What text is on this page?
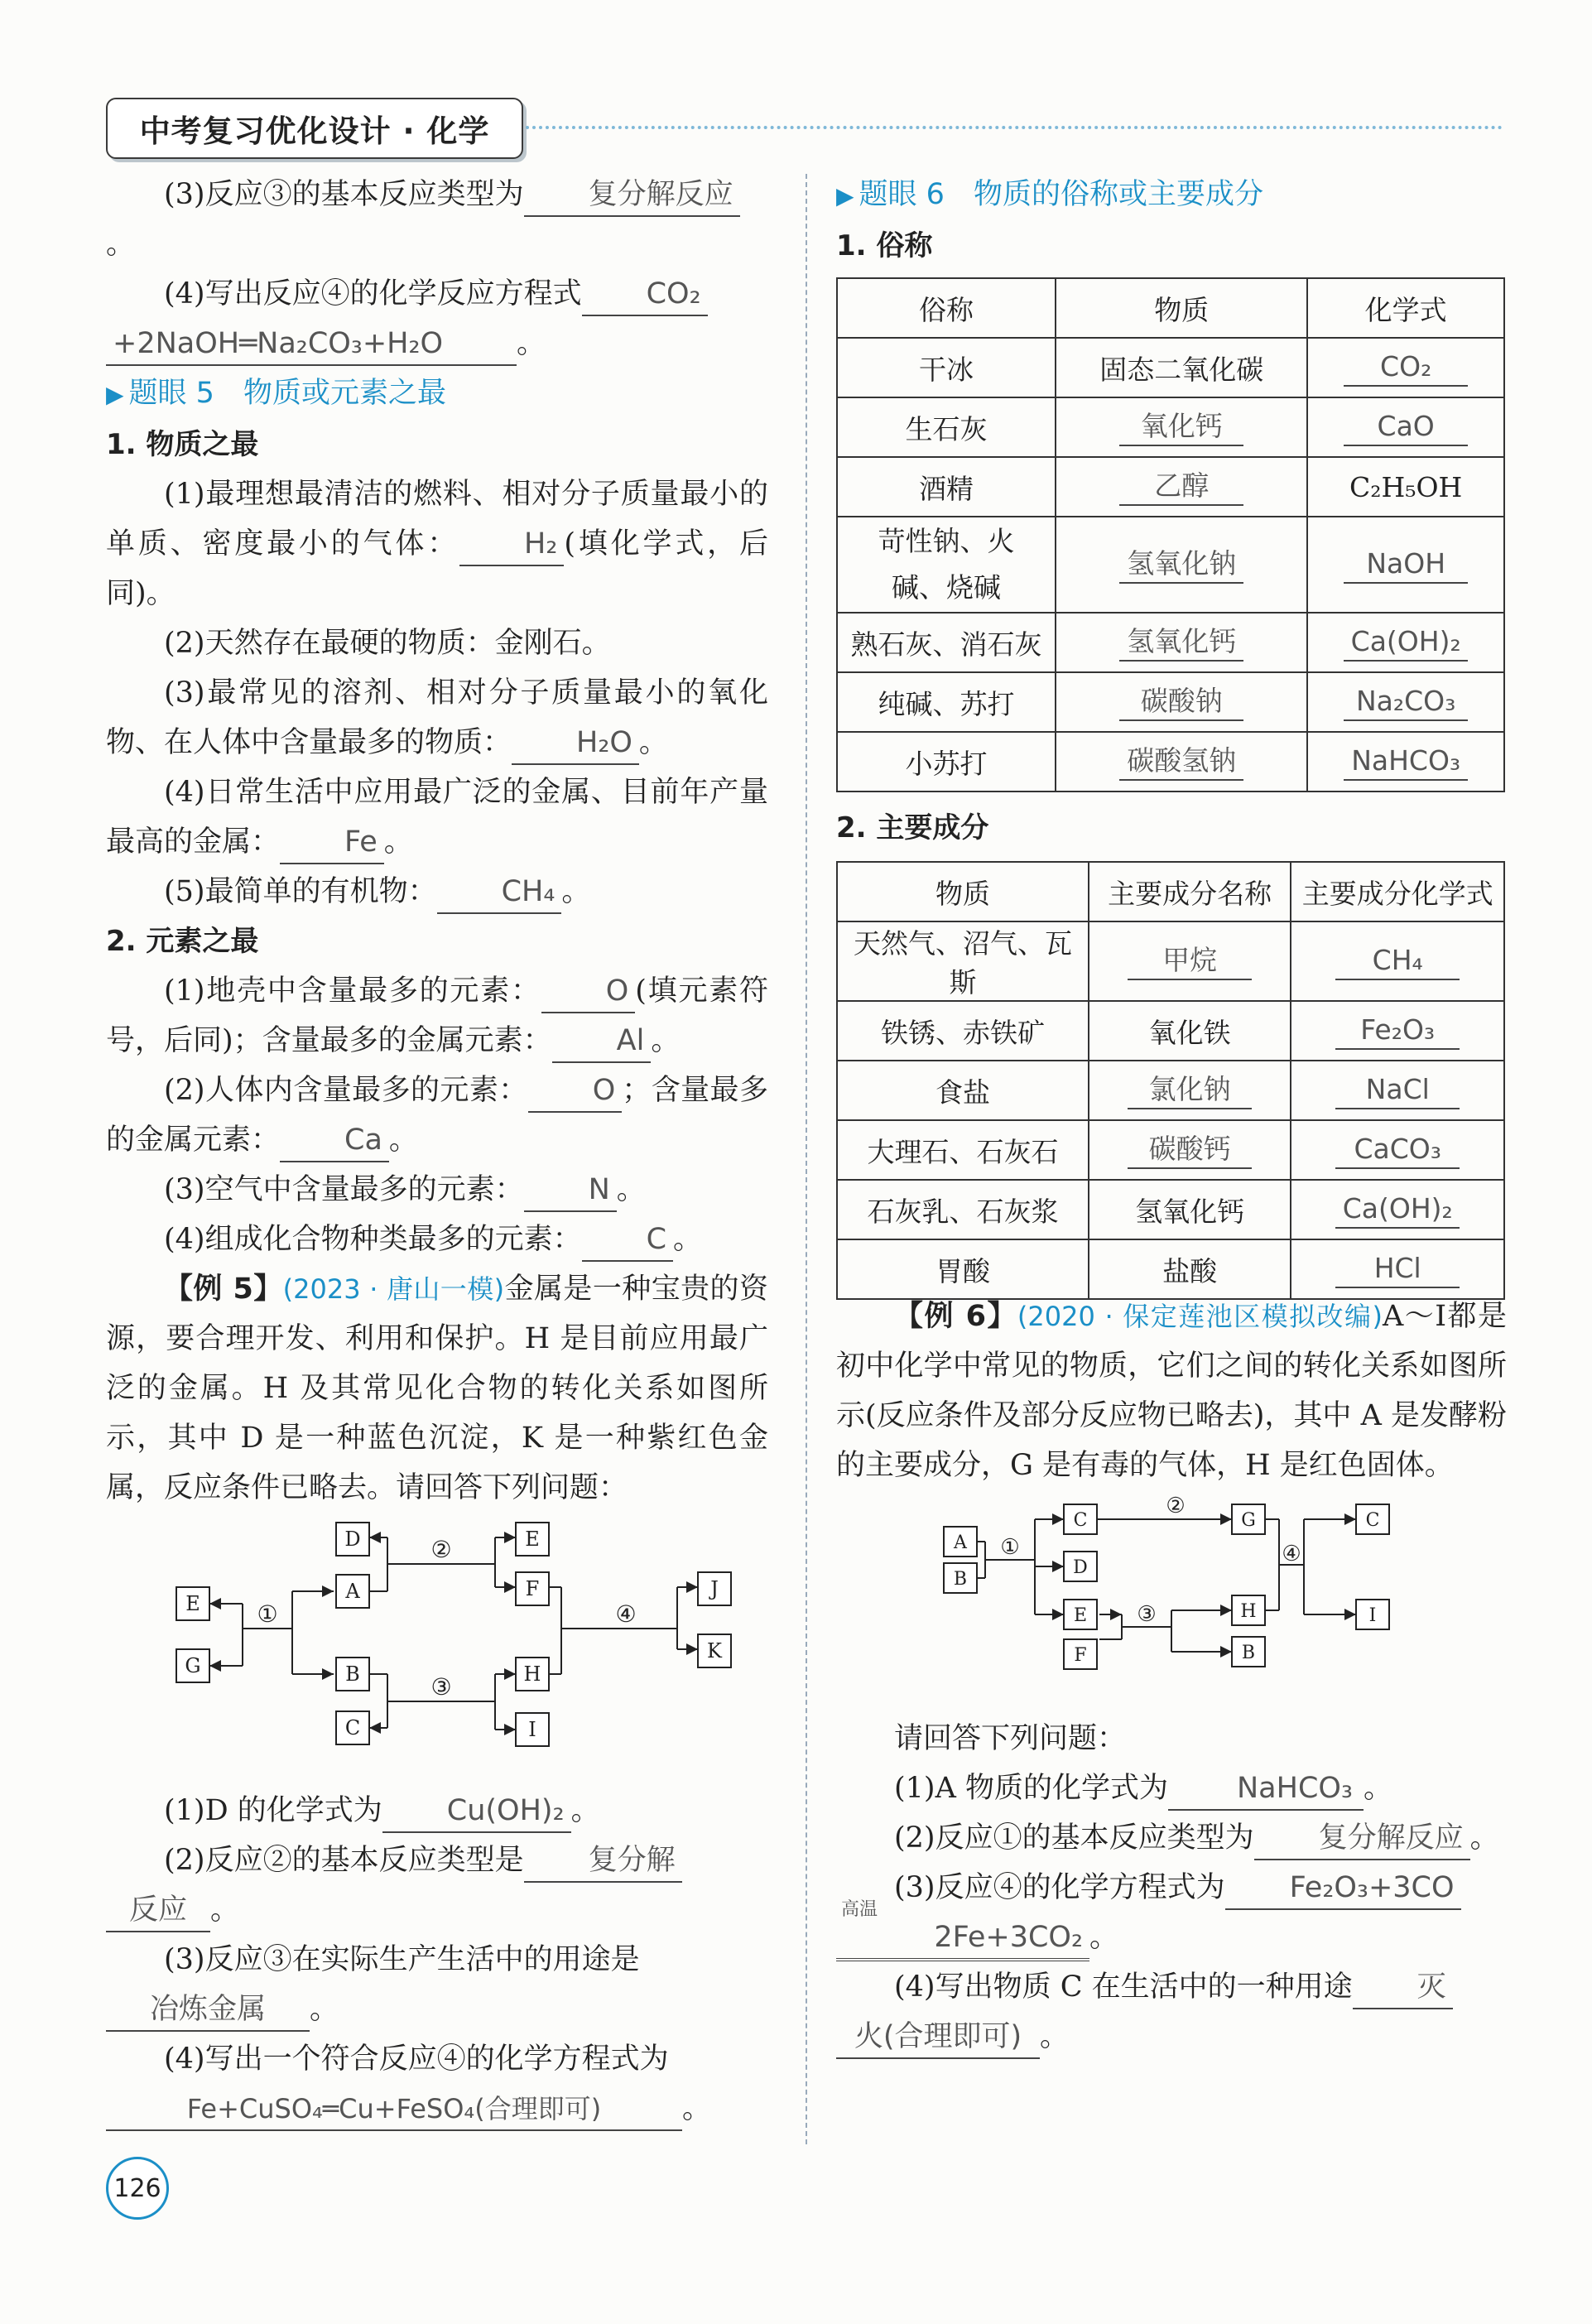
中考复习优化设计 · 化学

(3)反应③的基本反应类型为 复分解反应。

(4)写出反应④的化学反应方程式 CO₂

+2NaOH═Na₂CO₃+H₂O	。

▶ 题眼 5　物质或元素之最

1. 物质之最

(1)最理想最清洁的燃料、相对分子质量最小的单质、密度最小的气体： H₂ (填化学式，后同)。

(2)天然存在最硬的物质：金刚石。

(3)最常见的溶剂、相对分子质量最小的氧化物、在人体中含量最多的物质： H₂O 。

(4)日常生活中应用最广泛的金属、目前年产量最高的金属： Fe 。

(5)最简单的有机物： CH₄ 。

2. 元素之最

(1)地壳中含量最多的元素： O (填元素符号，后同)；含量最多的金属元素： Al 。

(2)人体内含量最多的元素： O ；含量最多的金属元素： Ca 。

(3)空气中含量最多的元素： N 。

(4)组成化合物种类最多的元素： C 。

【例 5】(2023 · 唐山一模)金属是一种宝贵的资源，要合理开发、利用和保护。H 是目前应用最广泛的金属。H 及其常见化合物的转化关系如图所示，其中 D 是一种蓝色沉淀，K 是一种紫红色金属，反应条件已略去。请回答下列问题：

D	E
A	F	J
E
G	B	H
K
C	I
①
②
③
④

(1)D 的化学式为 Cu(OH)₂ 。

(2)反应②的基本反应类型是 复分解

反应 。

(3)反应③在实际生产生活中的用途是

冶炼金属 。

(4)写出一个符合反应④的化学方程式为

Fe+CuSO₄═Cu+FeSO₄(合理即可)	。

▶ 题眼 6　物质的俗称或主要成分

1. 俗称

俗称	物质	化学式
干冰	固态二氧化碳	CO₂
生石灰	氧化钙	CaO
酒精	乙醇	C₂H₅OH

苛性钠、火
碱、烧碱	氢氧化钠	NaOH
熟石灰、消石灰	氢氧化钙	Ca(OH)₂
纯碱、苏打	碳酸钠	Na₂CO₃
小苏打	碳酸氢钠	NaHCO₃

2. 主要成分

物质	主要成分名称	主要成分化学式
天然气、沼气、瓦斯	甲烷	CH₄
铁锈、赤铁矿	氧化铁	Fe₂O₃
食盐	氯化钠	NaCl
大理石、石灰石	碳酸钙	CaCO₃
石灰乳、石灰浆	氢氧化钙	Ca(OH)₂
胃酸	盐酸	HCl

【例 6】(2020 · 保定莲池区模拟改编)A～I都是初中化学中常见的物质，它们之间的转化关系如图所示(反应条件及部分反应物已略去)，其中 A 是发酵粉的主要成分，G 是有毒的气体，H 是红色固体。

A
B
C
D
E
F
G
H
B
C
I
①
②
③
④

请回答下列问题：

(1)A 物质的化学式为 NaHCO₃ 。

(2)反应①的基本反应类型为 复分解反应 。

(3)反应④的化学方程式为 Fe₂O₃+3CO

高温
2Fe+3CO₂ 。

(4)写出物质 C 在生活中的一种用途 灭

火(合理即可) 。

126
